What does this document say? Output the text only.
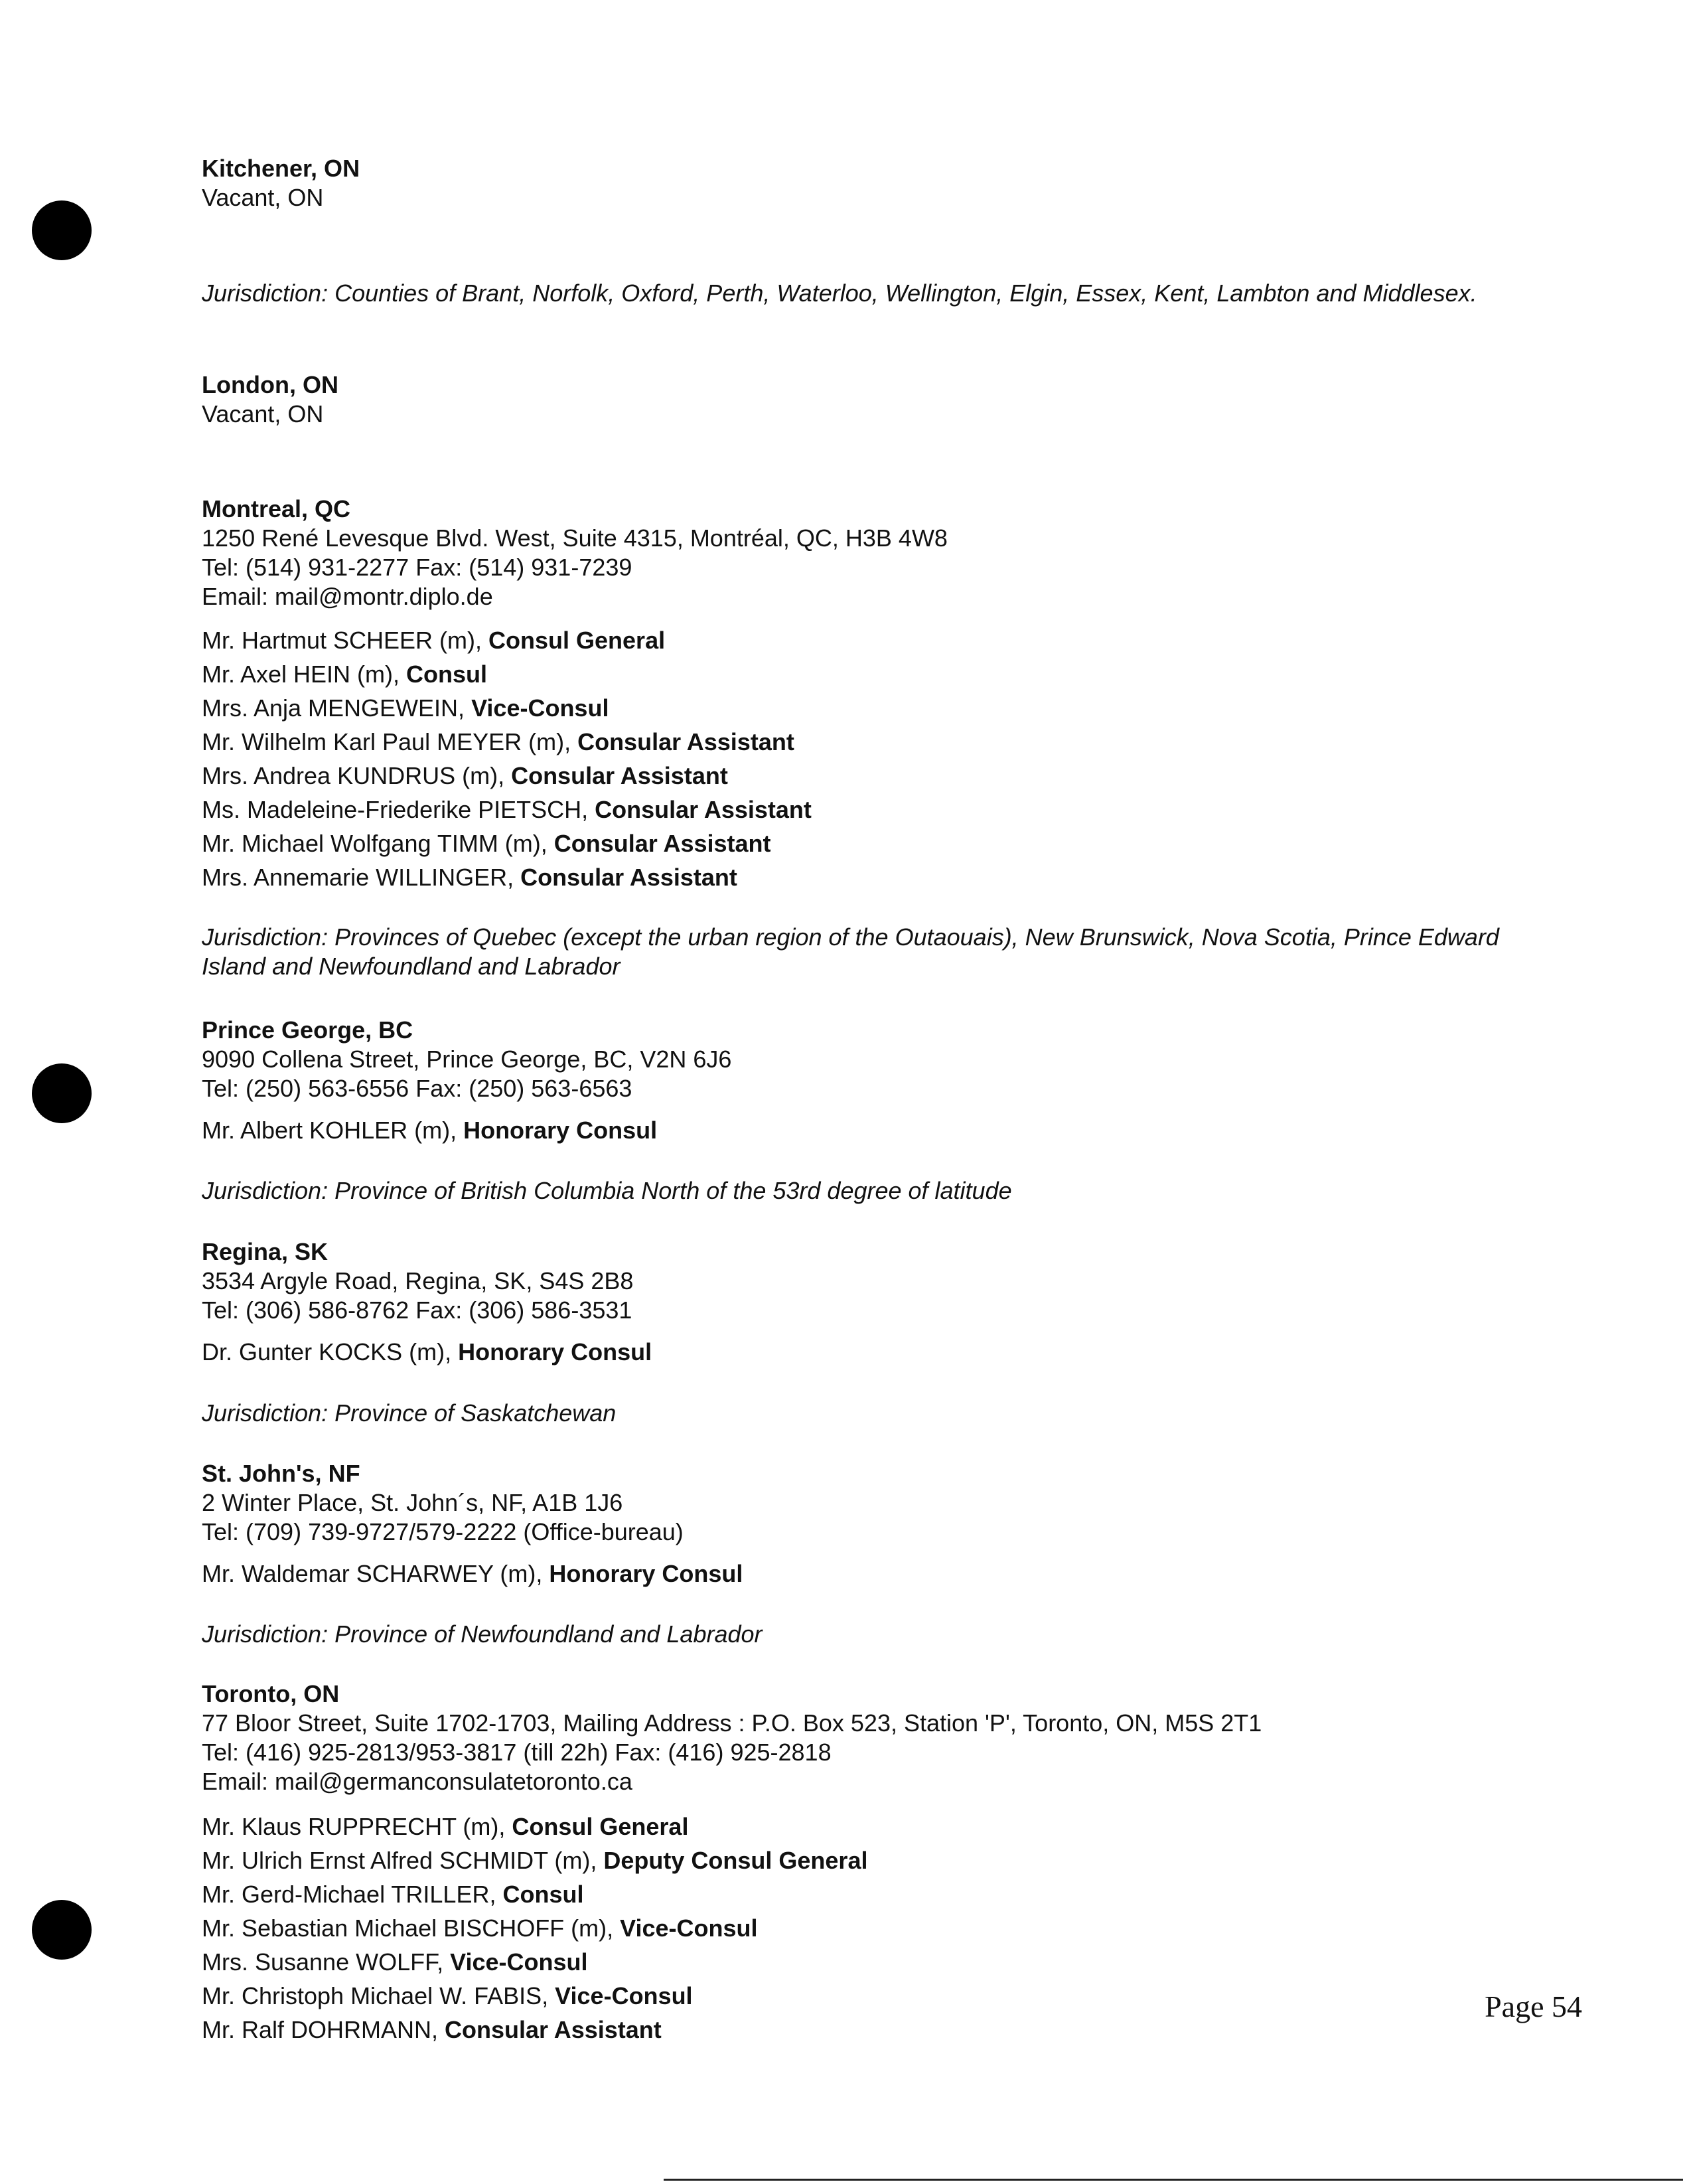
Kitchener, ON
Vacant, ON
Jurisdiction: Counties of Brant, Norfolk, Oxford, Perth, Waterloo, Wellington, Elgin, Essex, Kent, Lambton and Middlesex.
London, ON
Vacant, ON
Montreal, QC
1250 René Levesque Blvd. West, Suite 4315, Montréal, QC, H3B 4W8
Tel: (514) 931-2277 Fax: (514) 931-7239
Email: mail@montr.diplo.de
Mr. Hartmut SCHEER (m), Consul General
Mr. Axel HEIN (m), Consul
Mrs. Anja MENGEWEIN, Vice-Consul
Mr. Wilhelm Karl Paul MEYER (m), Consular Assistant
Mrs. Andrea KUNDRUS (m), Consular Assistant
Ms. Madeleine-Friederike PIETSCH, Consular Assistant
Mr. Michael Wolfgang TIMM (m), Consular Assistant
Mrs. Annemarie WILLINGER, Consular Assistant
Jurisdiction: Provinces of Quebec (except the urban region of the Outaouais), New Brunswick, Nova Scotia, Prince Edward Island and Newfoundland and Labrador
Prince George, BC
9090 Collena Street, Prince George, BC, V2N 6J6
Tel: (250) 563-6556 Fax: (250) 563-6563
Mr. Albert KOHLER (m), Honorary Consul
Jurisdiction: Province of British Columbia North of the 53rd degree of latitude
Regina, SK
3534 Argyle Road, Regina, SK, S4S 2B8
Tel: (306) 586-8762 Fax: (306) 586-3531
Dr. Gunter KOCKS (m), Honorary Consul
Jurisdiction: Province of Saskatchewan
St. John's, NF
2 Winter Place, St. John´s, NF, A1B 1J6
Tel: (709) 739-9727/579-2222 (Office-bureau)
Mr. Waldemar SCHARWEY (m), Honorary Consul
Jurisdiction: Province of Newfoundland and Labrador
Toronto, ON
77 Bloor Street, Suite 1702-1703, Mailing Address : P.O. Box 523, Station 'P', Toronto, ON, M5S 2T1
Tel: (416) 925-2813/953-3817 (till 22h) Fax: (416) 925-2818
Email: mail@germanconsulatetoronto.ca
Mr. Klaus RUPPRECHT (m), Consul General
Mr. Ulrich Ernst Alfred SCHMIDT (m), Deputy Consul General
Mr. Gerd-Michael TRILLER, Consul
Mr. Sebastian Michael BISCHOFF (m), Vice-Consul
Mrs. Susanne WOLFF, Vice-Consul
Mr. Christoph Michael W. FABIS, Vice-Consul
Mr. Ralf DOHRMANN, Consular Assistant
Page 54
